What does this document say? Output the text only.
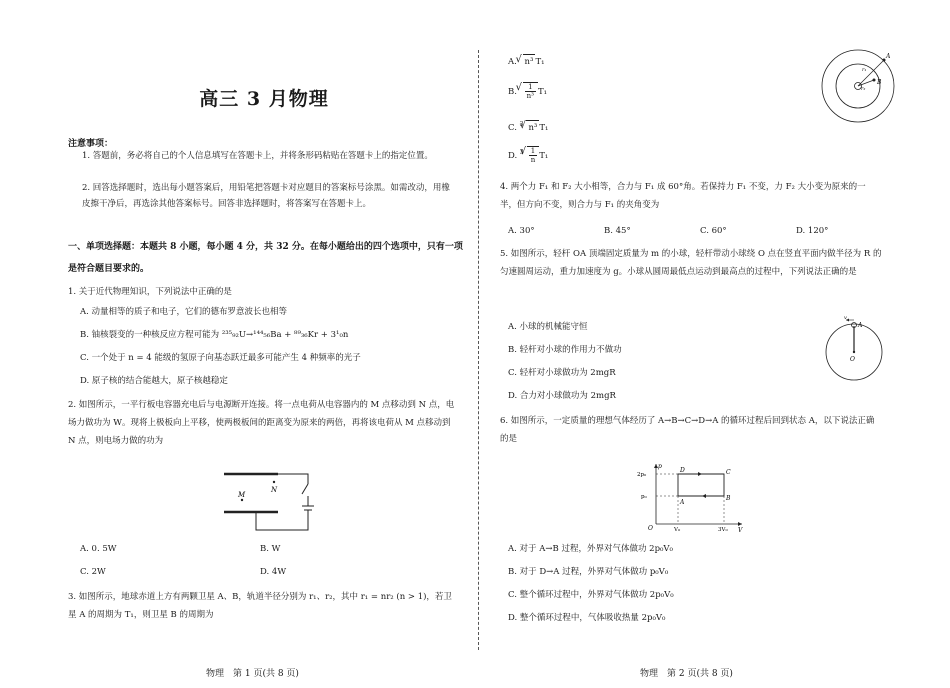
高三 3 月物理
注意事项：
1. 答题前，务必将自己的个人信息填写在答题卡上，并将条形码粘贴在答题卡上的指定位置。
2. 回答选择题时，选出每小题答案后，用铅笔把答题卡对应题目的答案标号涂黑。如需改动，用橡皮擦干净后，再选涂其他答案标号。回答非选择题时，将答案写在答题卡上。
一、单项选择题：本题共 8 小题，每小题 4 分，共 32 分。在每小题给出的四个选项中，只有一项是符合题目要求的。
1. 关于近代物理知识，下列说法中正确的是
A. 动量相等的质子和电子，它们的德布罗意波长也相等
B. 铀核裂变的一种核反应方程可能为 ²³⁵₉₂U→¹⁴⁴₅₆Ba + ⁸⁹₃₆Kr + 3¹₀n
C. 一个处于 n = 4 能级的氢原子向基态跃迁最多可能产生 4 种频率的光子
D. 原子核的结合能越大，原子核越稳定
2. 如图所示，一平行板电容器充电后与电源断开连接。将一点电荷从电容器内的 M 点移动到 N 点，电场力做功为 W。现将上极板向上平移，使两极板间的距离变为原来的两倍，再将该电荷从 M 点移动到 N 点，则电场力做的功为
N
M
A. 0. 5W	B. W
C. 2W	D. 4W
3. 如图所示，地球赤道上方有两颗卫星 A、B，轨道半径分别为 r₁、r₂，其中 r₁ = nr₂ (n > 1)，若卫星 A 的周期为 T₁，则卫星 B 的周期为
物理　第 1 页(共 8 页)
A. √ n³ T₁
B. √ $\frac{1}{\text{n³}} T_1$
C. $^3$ √ n³ T₁
D. $^3$ √ $\frac{1}{n} T_1$
A
B
r₁
r₂
4. 两个力 F₁ 和 F₂ 大小相等，合力与 F₁ 成 60°角。若保持力 F₁ 不变，力 F₂ 大小变为原来的一半，但方向不变，则合力与 F₁ 的夹角变为
A. 30°	B. 45°	C. 60°	D. 120°
5. 如图所示，轻杆 OA 顶端固定质量为 m 的小球，轻杆带动小球绕 O 点在竖直平面内做半径为 R 的匀速圆周运动，重力加速度为 g。小球从圆周最低点运动到最高点的过程中，下列说法正确的是
A. 小球的机械能守恒
B. 轻杆对小球的作用力不做功
C. 轻杆对小球做功为 2mgR
D. 合力对小球做功为 2mgR
A
v
O
6. 如图所示，一定质量的理想气体经历了 A→B→C→D→A 的循环过程后回到状态 A，以下说法正确的是
p
V
O
2p₀
p₀
V₀	3V₀
A
B
C
D
A. 对于 A→B 过程，外界对气体做功 2p₀V₀
B. 对于 D→A 过程，外界对气体做功 p₀V₀
C. 整个循环过程中，外界对气体做功 2p₀V₀
D. 整个循环过程中，气体吸收热量 2p₀V₀
物理　第 2 页(共 8 页)
